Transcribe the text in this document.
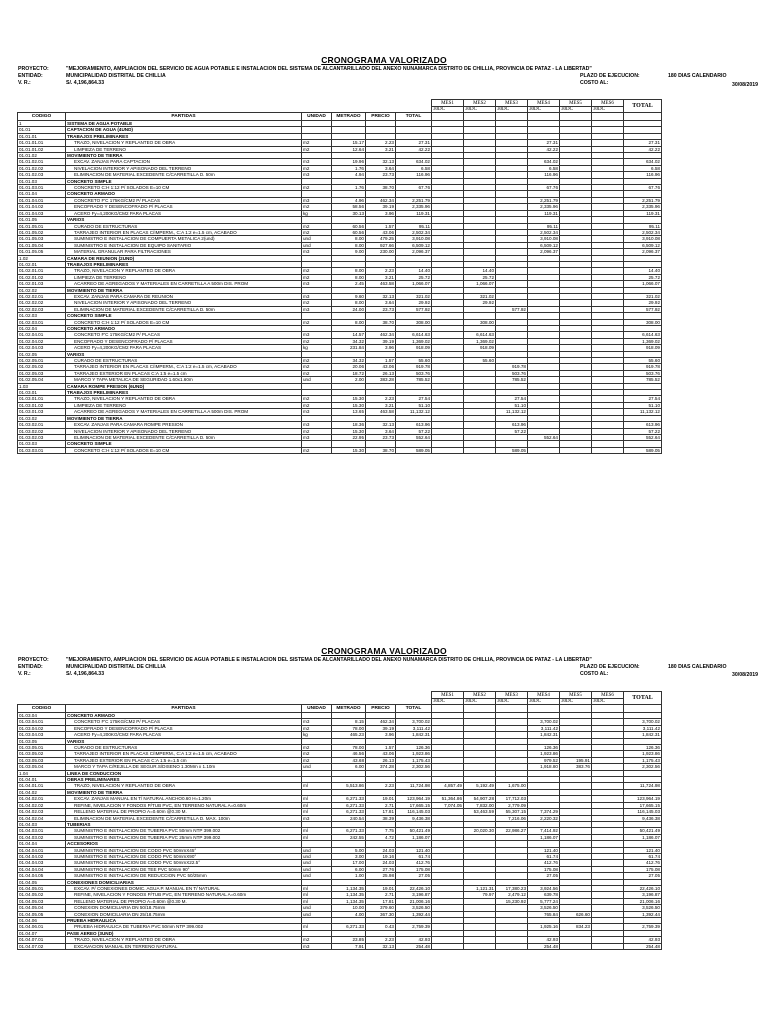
CRONOGRAMA VALORIZADO
PROYECTO:	"MEJORAMIENTO, AMPLIACION DEL SERVICIO DE AGUA POTABLE E INSTALACION DEL SISTEMA DE ALCANTARILLADO DEL ANEXO NUNAMARCA DISTRITO DE CHILLIA, PROVINCIA DE PATAZ - LA LIBERTAD"
ENTIDAD:	MUNICIPALIDAD DISTRITAL DE CHILLIA	PLAZO DE EJECUCION:	180 DIAS CALENDARIO
V. R.:	S/. 4,196,864.33	COSTO AL:	30/08/2019
						MES1	MES2	MES3	MES4	MES5	MES6	TOTAL
						30DC	30DC	30DC	30DC	30DC	30DC	
CODIGO	PARTIDAS	UNIDAD	METRADO	PRECIO	TOTAL							
1	SISTEMA DE AGUA POTABLE											
01.01	CAPTACION DE AGUA (4UND)											
01.01.01	TRABAJOS PRELIMINARES											
01.01.01.01	TRAZO, NIVELACION Y REPLANTEO DE OBRA	m2	15.17	2.23	27.31				27.31			27.31
01.01.01.02	LIMPIEZA DE TERRENO	m2	12.64	3.21	42.22				42.22			42.22
01.01.02	MOVIMIENTO DE TIERRA											
01.01.02.01	EXCAV. ZANJAS PARA CAPTACION	m3	19.96	32.13	634.02				634.02			634.02
01.01.02.02	NIVELACION INTERIOR Y APISONADO DEL TERRENO	m2	1.76	3.64	6.58				6.58			6.58
01.01.02.03	ELIMINACION DE MATERIAL EXCEDENTE C/CARRETILLA D. 50m	m3	4.94	23.73	116.96				116.96			116.96
01.01.03	CONCRETO SIMPLE											
01.01.03.01	CONCRETO C:H 1:12 P/ SOLADOS E=10 CM	m2	1.76	38.70	67.76				67.76			67.76
01.01.04	CONCRETO ARMADO											
01.01.04.01	CONCRETO F'C 175KG/CM2 P/ PLACAS	m3	4.96	462.34	2,251.79				2,251.79			2,251.79
01.01.04.02	ENCOFRADO Y DESENCOFRADO P/ PLACAS	m2	58.56	39.19	2,335.96				2,335.96			2,335.96
01.01.04.03	ACERO Fy=4,200KG/CM2 PARA PLACAS	kg	30.13	3.96	119.31				119.31			119.31
01.01.05	VARIOS											
01.01.05.01	CURADO DE ESTRUCTURAS	m2	60.56	1.57	95.11				95.11			95.11
01.01.05.02	TARRAJEO INTERIOR EN PLACAS C/IMPERM., C:A 1:2 e=1.5 cm, ACABADO	m2	60.56	43.06	2,502.34				2,502.34			2,502.34
01.01.05.03	SUMINISTRO E INSTALACION DE COMPUERTA METALICA 2(und)	und	8.00	479.25	3,910.08				3,910.08			3,910.08
01.01.05.04	SUMINISTRO E INSTALACION DE EQUIPO SANITARIO	und	8.00	927.66	6,509.12				6,509.12			6,509.12
01.01.05.05	MATERIAL GRANULAR PARA FILTRACIONES	m3	9.00	230.00	2,096.37				2,096.37			2,096.37
1.02	CAMARA DE REUNION (2UND)											
01.02.01	TRABAJOS PRELIMINARES											
01.02.01.01	TRAZO, NIVELACION Y REPLANTEO DE OBRA	m2	8.00	2.23	14.40		14.40					14.40
01.02.01.02	LIMPIEZA DE TERRENO	m2	8.00	3.21	25.72		25.72					25.72
01.02.01.03	ACARREO DE AGREGADOS Y MATERIALES EN CARRETILLA A 500m DIS. PROM	m3	2.45	463.58	1,066.07		1,066.07					1,066.07
01.02.02	MOVIMIENTO DE TIERRA											
01.02.02.01	EXCAV. ZANJAS PARA CAMARA DE REUNION	m3	9.60	32.13	321.02		321.02					321.02
01.02.02.02	NIVELACION INTERIOR Y APISONADO DEL TERRENO	m2	8.00	3.64	29.92		29.92					29.92
01.02.02.03	ELIMINACION DE MATERIAL EXCEDENTE C/CARRETILLA D. 50m	m3	24.00	23.73	577.92			577.92				577.92
01.02.03	CONCRETO SIMPLE											
01.02.03.01	CONCRETO C:H 1:12 P/ SOLADOS E=10 CM	m2	8.00	38.70	308.00		308.00					308.00
01.02.04	CONCRETO ARMADO											
01.02.04.01	CONCRETO F'C 175KG/CM2 P/ PLACAS	m3	14.57	462.34	6,614.63		6,614.63					6,614.63
01.02.04.02	ENCOFRADO Y DESENCOFRADO P/ PLACAS	m2	34.32	39.19	1,369.02		1,369.02					1,369.02
01.02.04.03	ACERO Fy=4,200KG/CM2 PARA PLACAS	kg	231.84	3.96	918.09		918.09					918.09
01.02.05	VARIOS											
01.02.05.01	CURADO DE ESTRUCTURAS	m2	34.32	1.57	55.60		55.60					55.60
01.02.05.02	TARRAJEO INTERIOR EN PLACAS C/IMPERM., C:A 1:2 e=1.5 cm, ACABADO	m2	20.06	43.06	919.78			919.78				919.78
01.02.05.03	TARRAJEO EXTERIOR EN PLACAS C:A 1:5 e=1.5 cm	m2	18.72	26.13	503.76			503.76				503.76
01.02.05.04	MARCO Y TAPA METALICA DE SEGURIDAD 1.60x1.60m	und	2.00	383.28	785.52			785.52				785.52
1.03	CAMARA ROMPE PRESION (6UND)											
01.03.01	TRABAJOS PRELIMINARES											
01.03.01.01	TRAZO, NIVELACION Y REPLANTEO DE OBRA	m2	15.30	2.23	27.54			27.54				27.54
01.03.01.02	LIMPIEZA DE TERRENO	m2	15.30	3.21	51.10			51.10				51.10
01.03.01.03	ACARREO DE AGREGADOS Y MATERIALES EN CARRETILLA A 500m DIS. PROM	m3	13.65	463.58	11,132.12			11,132.12				11,132.12
01.03.02	MOVIMIENTO DE TIERRA											
01.03.02.01	EXCAV. ZANJAS PARA CAMARA ROMPE PRESION	m3	18.36	32.13	613.96			613.96				613.96
01.03.02.02	NIVELACION INTERIOR Y APISONADO DEL TERRENO	m2	15.30	3.64	57.22			57.22				57.22
01.03.02.03	ELIMINACION DE MATERIAL EXCEDENTE C/CARRETILLA D. 50m	m3	22.95	23.73	552.64				552.64			552.64
01.03.03	CONCRETO SIMPLE											
01.03.03.01	CONCRETO C:H 1:12 P/ SOLADOS E=10 CM	m2	15.30	38.70	589.05			589.05				589.05
CRONOGRAMA VALORIZADO
PROYECTO:	"MEJORAMIENTO, AMPLIACION DEL SERVICIO DE AGUA POTABLE E INSTALACION DEL SISTEMA DE ALCANTARILLADO DEL ANEXO NUNAMARCA DISTRITO DE CHILLIA, PROVINCIA DE PATAZ - LA LIBERTAD"
ENTIDAD:	MUNICIPALIDAD DISTRITAL DE CHILLIA	PLAZO DE EJECUCION:	180 DIAS CALENDARIO
V. R.:	S/. 4,196,864.33	COSTO AL:	30/08/2019
						MES1	MES2	MES3	MES4	MES5	MES6	TOTAL
						30DC	30DC	30DC	30DC	30DC	30DC	
CODIGO	PARTIDAS	UNIDAD	METRADO	PRECIO	TOTAL							
01.03.04	CONCRETO ARMADO											
01.03.04.01	CONCRETO F'C 175KG/CM2 P/ PLACAS	m3	8.15	462.34	3,700.02				3,700.02			3,700.02
01.03.04.02	ENCOFRADO Y DESENCOFRADO P/ PLACAS	m2	78.00	39.19	3,111.42				3,111.42			3,111.42
01.03.04.03	ACERO Fy=4,200KG/CM2 PARA PLACAS	kg	465.23	3.96	1,842.31				1,842.31			1,842.31
01.03.05	VARIOS											
01.03.05.01	CURADO DE ESTRUCTURAS	m2	78.00	1.57	126.36				126.36			126.36
01.03.05.02	TARRAJEO INTERIOR EN PLACAS C/IMPERM., C:A 1:2 e=1.5 cm, ACABADO	m2	46.56	43.06	1,923.86				1,923.86			1,923.86
01.03.05.03	TARRAJEO EXTERIOR EN PLACAS C:A 1:5 e=1.5 cm	m2	43.68	26.13	1,175.43				979.52	195.91		1,175.43
01.03.05.04	MARCO Y TAPA C/REJILLA DE SEGUR.S/DISENO 1.30Mm x 1.10m	und	6.00	374.28	2,302.56				1,918.80	383.76		2,302.56
1.04	LINEA DE CONDUCCION											
01.04.01	OBRAS PRELIMINARES											
01.04.01.01	TRAZO, NIVELACION Y REPLANTEO DE OBRA	ml	5,513.86	2.23	11,724.98	4,857.49	5,192.49	1,675.00				11,724.98
01.04.02	MOVIMIENTO DE TIERRA											
01.04.02.01	EXCAV. ZANJAS MANUAL EN T/ NATURAL ANCHO0.60 H=1.20m	ml	6,271.33	19.01	123,964.19	51,364.86	54,907.28	17,712.03				123,964.19
01.04.02.02	REFINE, NIVELACION Y FONDOS P/TUB PVC, EN TERRENO NATURAL A=0.60m	ml	6,271.33	2.71	17,665.15	7,074.05	7,832.00	2,779.09				17,665.15
01.04.02.03	RELLENO MATERIAL DE PROPIO A=0.60m @0.30 M.	ml	6,271.33	17.81	116,145.03		53,463.59	55,307.15	7,374.29			116,145.03
01.04.02.04	ELIMINACION DE MATERIAL EXCEDENTE C/CARRETILLA D. MAX. 100m	m3	240.54	38.39	9,436.38			7,216.06	2,220.32			9,436.38
01.04.03	TUBERIAS											
01.04.03.01	SUMINISTRO E INSTALACION DE TUBERIA PVC 50mm NTP 399.002	ml	6,271.33	7.75	50,421.49		20,020.30	22,986.27	7,414.92			50,421.49
01.04.03.02	SUMINISTRO E INSTALACION DE TUBERIA PVC 25mm NTP 399.002	ml	242.55	4.72	1,186.07				1,186.07			1,186.07
01.04.04	ACCESORIOS											
01.04.04.01	SUMINISTRO E INSTALACION DE CODO PVC 50mmX45°	und	5.00	24.03	121.40				121.40			121.40
01.04.04.02	SUMINISTRO E INSTALACION DE CODO PVC 50mmX90°	und	3.00	19.16	61.74				61.74			61.74
01.04.04.03	SUMINISTRO E INSTALACION DE CODO PVC 50mmX22.5°	und	17.00	24.03	412.76				412.76			412.76
01.04.04.04	SUMINISTRO E INSTALACION DE TEE PVC 50mm 90°	und	6.00	27.76	175.08				175.08			175.08
01.04.04.05	SUMINISTRO E INSTALACION DE REDUCCION PVC 50/25mm	und	1.00	25.98	27.05				27.05			27.05
01.04.05	CONEXIONES DOMICILIARIAS											
01.04.05.01	EXCAV. P/ CONEXIONES DOMIC. AGUA P. MANUAL EN T/ NATURAL	ml	1,134.35	19.01	22,426.10		1,121.31	17,380.23	3,924.56			22,426.10
01.04.05.02	REFINE, NIVELACION Y FONDOS P/TUB PVC, EN TERRENO NATURAL A=0.60m	ml	1,134.35	2.71	3,196.87		79.97	2,479.12	639.78			3,196.87
01.04.05.03	RELLENO MATERIAL DE PROPIO A=0.60m @0.30 M.	ml	1,134.35	17.81	21,006.16			15,230.92	5,777.24			21,006.16
01.04.05.04	CONEXION DOMICILIARIA DN 50/18.75mm	und	10.00	379.60	3,526.50				3,526.50			3,526.50
01.04.05.05	CONEXION DOMICILIARIA DN 25/18.75mm	und	4.00	367.30	1,392.44				765.84	626.60		1,392.44
01.04.06	PRUEBA HIDRAULICA											
01.04.06.01	PRUEBA HIDRAULICA DE TUBERIA PVC 50mm NTP 399.002	ml	6,271.33	0.43	2,759.39				1,925.16	834.23		2,759.39
01.04.07	PASE AEREO (3UND)											
01.04.07.01	TRAZO, NIVELACION Y REPLANTEO DE OBRA	m2	23.85	2.23	42.93				42.93			42.93
01.04.07.02	EXCAVACION MANUAL EN TERRENO NATURAL	m3	7.91	32.13	254.48				254.48			254.48
